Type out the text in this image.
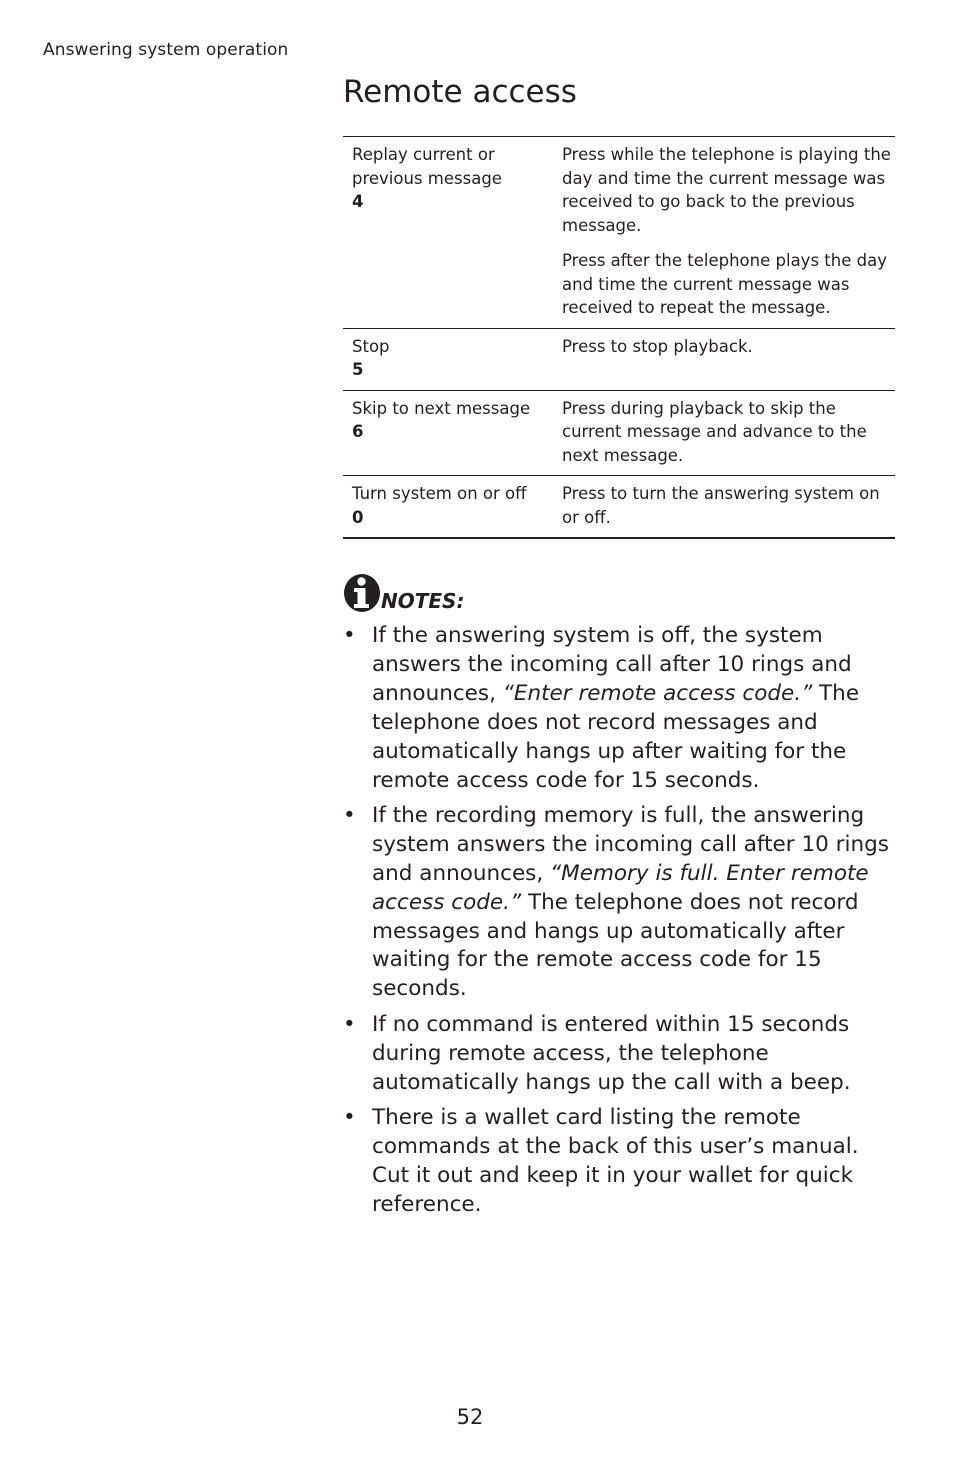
Answering system operation
Remote access
Replay current or previous message
4	Press while the telephone is playing the day and time the current message was received to go back to the previous message.
Press after the telephone plays the day and time the current message was received to repeat the message.

Stop
5	Press to stop playback.

Skip to next message
6	Press during playback to skip the current message and advance to the next message.

Turn system on or off
0	Press to turn the answering system on or off.
NOTES:
• If the answering system is off, the system answers the incoming call after 10 rings and announces, “Enter remote access code.” The telephone does not record messages and automatically hangs up after waiting for the remote access code for 15 seconds.
• If the recording memory is full, the answering system answers the incoming call after 10 rings and announces, “Memory is full. Enter remote access code.” The telephone does not record messages and hangs up automatically after waiting for the remote access code for 15 seconds.
• If no command is entered within 15 seconds during remote access, the telephone automatically hangs up the call with a beep.
• There is a wallet card listing the remote commands at the back of this user’s manual. Cut it out and keep it in your wallet for quick reference.
52
